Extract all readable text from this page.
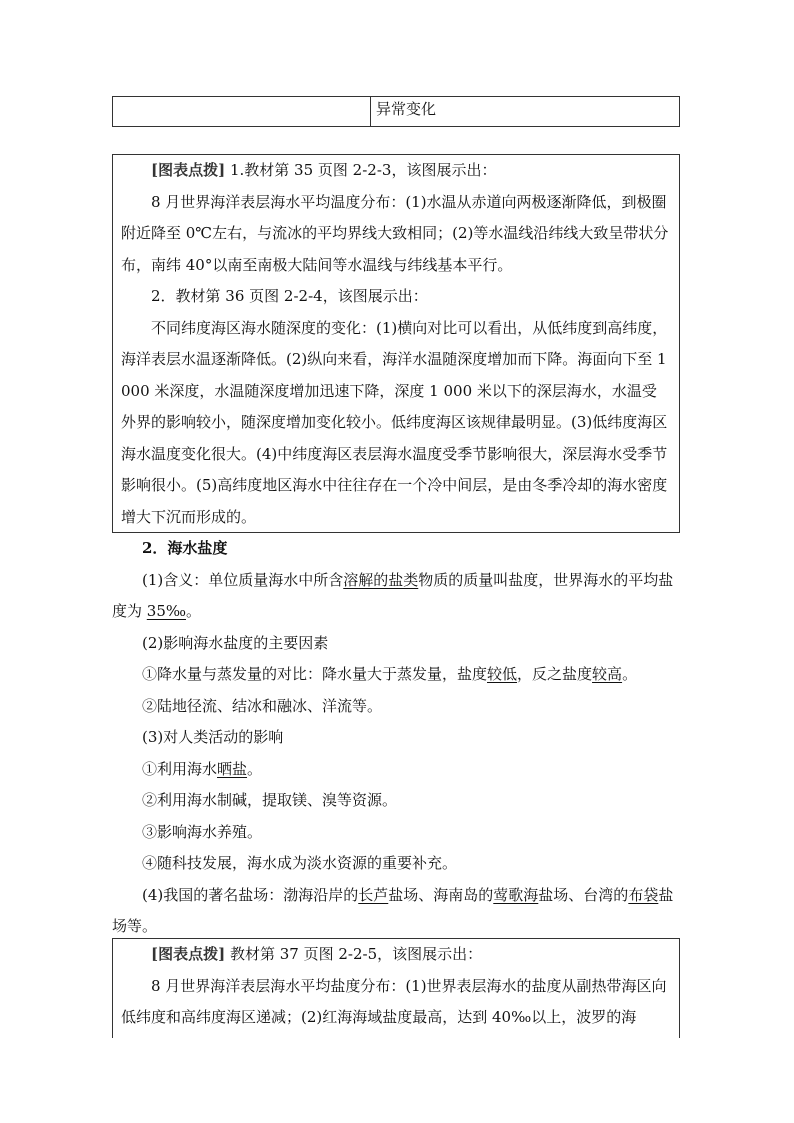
异常变化

[图表点拨] 1.教材第 35 页图 2-2-3，该图展示出：

8 月世界海洋表层海水平均温度分布：(1)水温从赤道向两极逐渐降低，到极圈附近降至 0℃左右，与流冰的平均界线大致相同；(2)等水温线沿纬线大致呈带状分布，南纬 40°以南至南极大陆间等水温线与纬线基本平行。

2．教材第 36 页图 2-2-4，该图展示出：

不同纬度海区海水随深度的变化：(1)横向对比可以看出，从低纬度到高纬度，海洋表层水温逐渐降低。(2)纵向来看，海洋水温随深度增加而下降。海面向下至 1 000 米深度，水温随深度增加迅速下降，深度 1 000 米以下的深层海水，水温受外界的影响较小，随深度增加变化较小。低纬度海区该规律最明显。(3)低纬度海区海水温度变化很大。(4)中纬度海区表层海水温度受季节影响很大，深层海水受季节影响很小。(5)高纬度地区海水中往往存在一个冷中间层，是由冬季冷却的海水密度增大下沉而形成的。

2．海水盐度

(1)含义：单位质量海水中所含溶解的盐类物质的质量叫盐度，世界海水的平均盐度为 35‰。

(2)影响海水盐度的主要因素

①降水量与蒸发量的对比：降水量大于蒸发量，盐度较低，反之盐度较高。

②陆地径流、结冰和融冰、洋流等。

(3)对人类活动的影响

①利用海水晒盐。

②利用海水制碱，提取镁、溴等资源。

③影响海水养殖。

④随科技发展，海水成为淡水资源的重要补充。

(4)我国的著名盐场：渤海沿岸的长芦盐场、海南岛的莺歌海盐场、台湾的布袋盐场等。

[图表点拨] 教材第 37 页图 2-2-5，该图展示出：

8 月世界海洋表层海水平均盐度分布：(1)世界表层海水的盐度从副热带海区向低纬度和高纬度海区递减；(2)红海海域盐度最高，达到 40‰以上，波罗的海
